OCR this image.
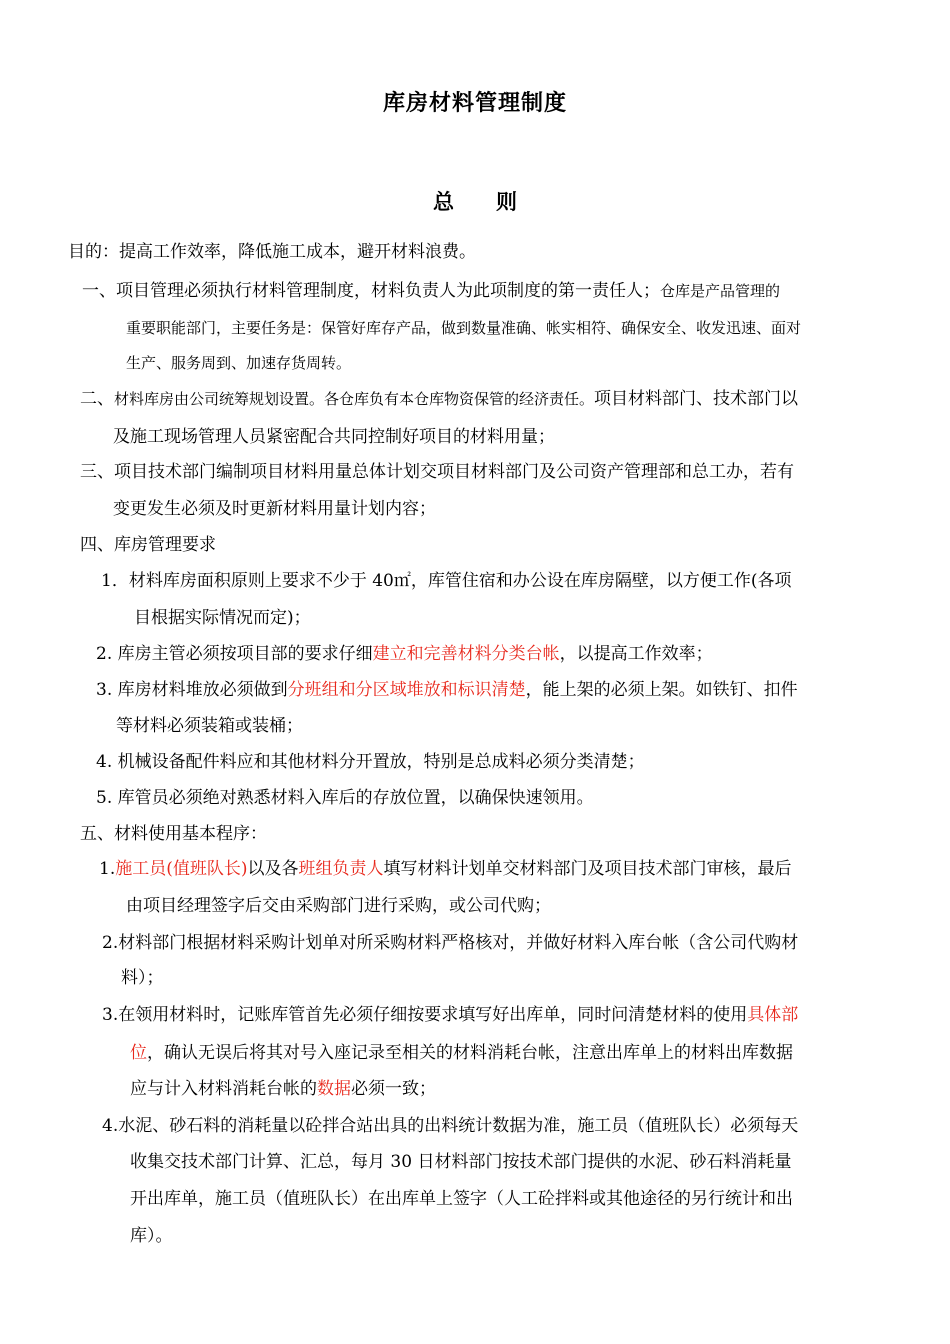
库房材料管理制度
总　　则
目的：提高工作效率，降低施工成本，避开材料浪费。
一、项目管理必须执行材料管理制度，材料负责人为此项制度的第一责任人；仓库是产品管理的
重要职能部门，主要任务是：保管好库存产品，做到数量准确、帐实相符、确保安全、收发迅速、面对
生产、服务周到、加速存货周转。
二、材料库房由公司统筹规划设置。各仓库负有本仓库物资保管的经济责任。项目材料部门、技术部门以
及施工现场管理人员紧密配合共同控制好项目的材料用量；
三、项目技术部门编制项目材料用量总体计划交项目材料部门及公司资产管理部和总工办，若有
变更发生必须及时更新材料用量计划内容；
四、库房管理要求
1．材料库房面积原则上要求不少于 40㎡，库管住宿和办公设在库房隔壁，以方便工作(各项
目根据实际情况而定)；
2. 库房主管必须按项目部的要求仔细建立和完善材料分类台帐，以提高工作效率；
3. 库房材料堆放必须做到分班组和分区域堆放和标识清楚，能上架的必须上架。如铁钉、扣件
等材料必须装箱或装桶；
4. 机械设备配件料应和其他材料分开置放，特别是总成料必须分类清楚；
5. 库管员必须绝对熟悉材料入库后的存放位置，以确保快速领用。
五、材料使用基本程序：
1.施工员(值班队长)以及各班组负责人填写材料计划单交材料部门及项目技术部门审核，最后
由项目经理签字后交由采购部门进行采购，或公司代购；
2.材料部门根据材料采购计划单对所采购材料严格核对，并做好材料入库台帐（含公司代购材
料）；
3.在领用材料时，记账库管首先必须仔细按要求填写好出库单，同时问清楚材料的使用具体部
位，确认无误后将其对号入座记录至相关的材料消耗台帐，注意出库单上的材料出库数据
应与计入材料消耗台帐的数据必须一致；
4.水泥、砂石料的消耗量以砼拌合站出具的出料统计数据为准，施工员（值班队长）必须每天
收集交技术部门计算、汇总，每月 30 日材料部门按技术部门提供的水泥、砂石料消耗量
开出库单，施工员（值班队长）在出库单上签字（人工砼拌料或其他途径的另行统计和出
库）。
